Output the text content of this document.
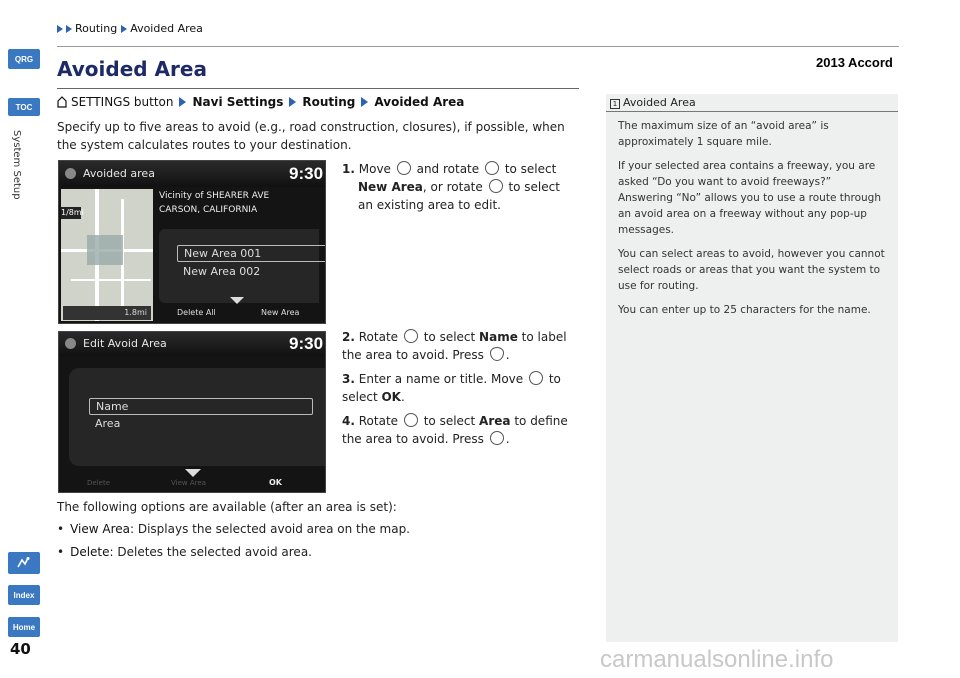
Routing Avoided Area
2013 Accord
QRG
TOC
System Setup
Index
Home
40
Avoided Area
SETTINGS button Navi Settings Routing Avoided Area
Specify up to five areas to avoid (e.g., road construction, closures), if possible, when the system calculates routes to your destination.
Avoided area	9:30
1/8mi
1.8mi
Vicinity of SHEARER AVE
CARSON, CALIFORNIA
New Area 001
New Area 002
Delete All	New Area
1. Move and rotate to select
New Area, or rotate to select
an existing area to edit.
Edit Avoid Area	9:30
Name
Area
Delete	View Area	OK
2. Rotate to select Name to label the area to avoid. Press .
3. Enter a name or title. Move to select OK.
4. Rotate to select Area to define the area to avoid. Press .
The following options are available (after an area is set):
• View Area: Displays the selected avoid area on the map.
• Delete: Deletes the selected avoid area.
1 Avoided Area

The maximum size of an “avoid area” is approximately 1 square mile.

If your selected area contains a freeway, you are asked “Do you want to avoid freeways?” Answering “No” allows you to use a route through an avoid area on a freeway without any pop-up messages.

You can select areas to avoid, however you cannot select roads or areas that you want the system to use for routing.

You can enter up to 25 characters for the name.

carmanualsonline.info
